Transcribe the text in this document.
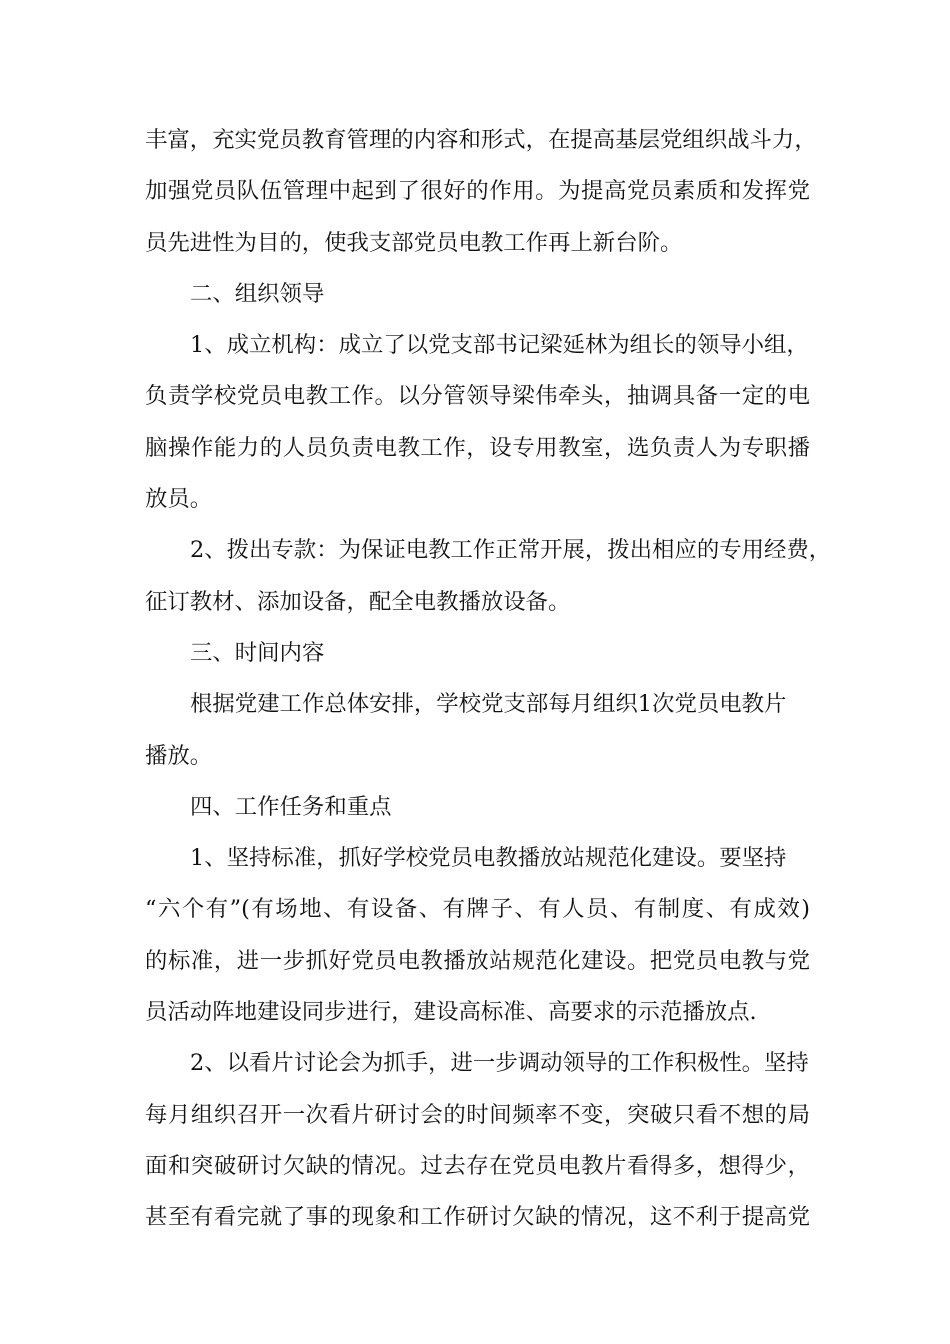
丰富，充实党员教育管理的内容和形式，在提高基层党组织战斗力，
加强党员队伍管理中起到了很好的作用。为提高党员素质和发挥党
员先进性为目的，使我支部党员电教工作再上新台阶。
二、组织领导
1、成立机构：成立了以党支部书记梁延林为组长的领导小组，
负责学校党员电教工作。以分管领导梁伟牵头，抽调具备一定的电
脑操作能力的人员负责电教工作，设专用教室，选负责人为专职播
放员。
2、拨出专款：为保证电教工作正常开展，拨出相应的专用经费，
征订教材、添加设备，配全电教播放设备。
三、时间内容
根据党建工作总体安排，学校党支部每月组织1次党员电教片
播放。
四、工作任务和重点
1、坚持标准，抓好学校党员电教播放站规范化建设。要坚持
“六个有”(有场地、有设备、有牌子、有人员、有制度、有成效)
的标准，进一步抓好党员电教播放站规范化建设。把党员电教与党
员活动阵地建设同步进行，建设高标准、高要求的示范播放点.
2、以看片讨论会为抓手，进一步调动领导的工作积极性。坚持
每月组织召开一次看片研讨会的时间频率不变，突破只看不想的局
面和突破研讨欠缺的情况。过去存在党员电教片看得多，想得少，
甚至有看完就了事的现象和工作研讨欠缺的情况，这不利于提高党
